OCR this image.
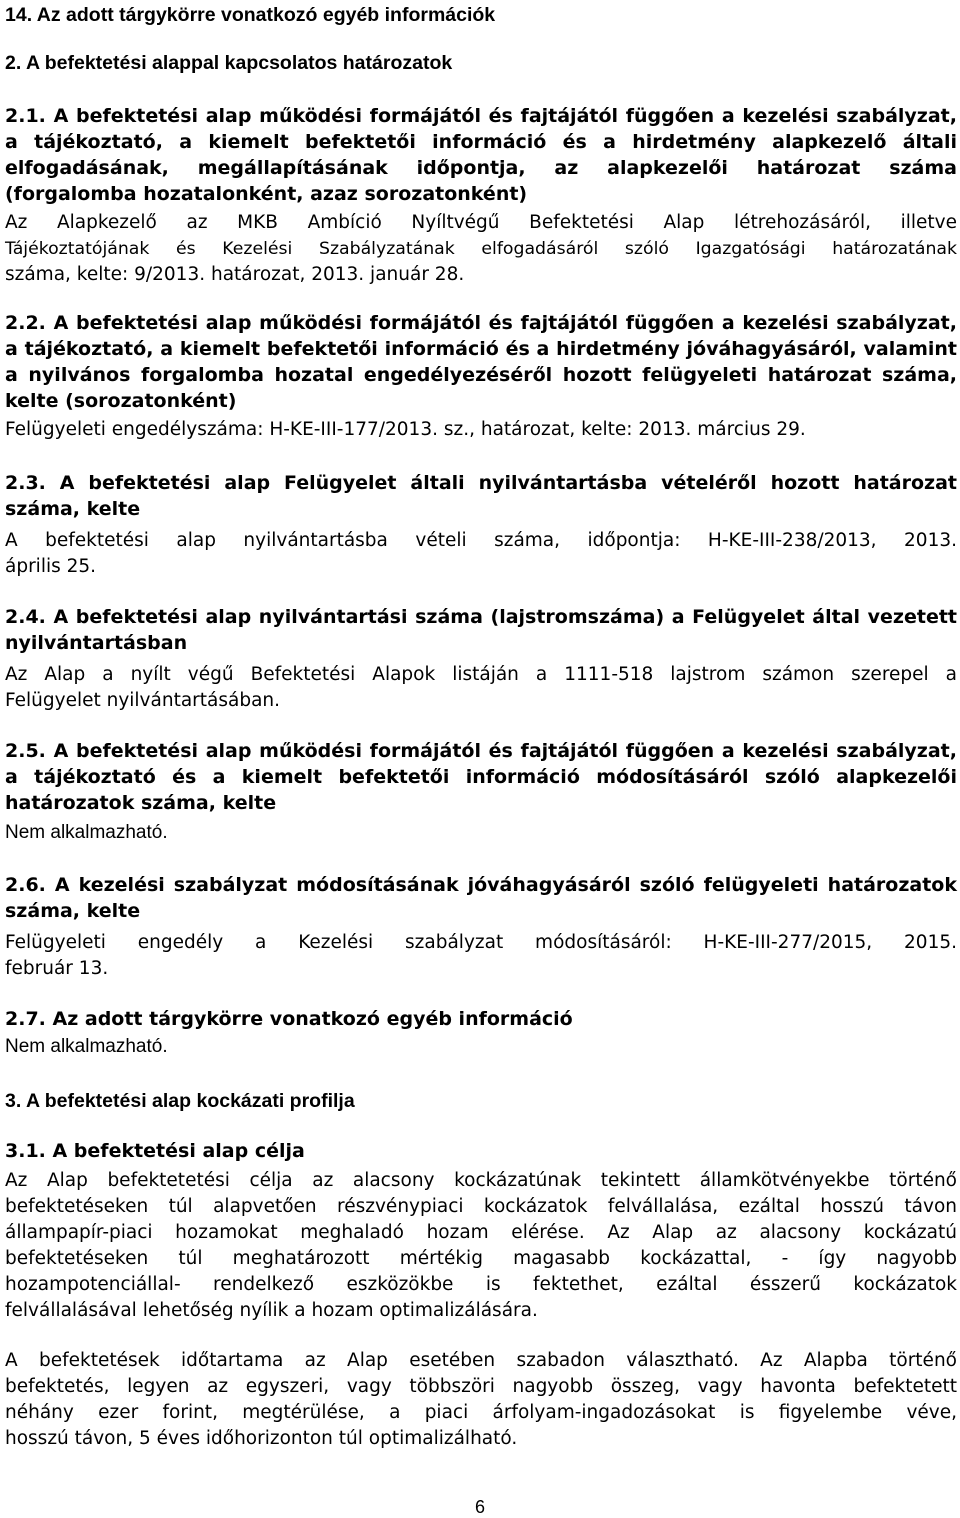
14. Az adott tárgykörre vonatkozó egyéb információk

2. A befektetési alappal kapcsolatos határozatok

2.1. A befektetési alap működési formájától és fajtájától függően a kezelési szabályzat,
a tájékoztató, a kiemelt befektetői információ és a hirdetmény alapkezelő általi
elfogadásának, megállapításának időpontja, az alapkezelői határozat száma
(forgalomba hozatalonként, azaz sorozatonként)
Az Alapkezelő az MKB Ambíció Nyíltvégű Befektetési Alap létrehozásáról, illetve
Tájékoztatójának és Kezelési Szabályzatának elfogadásáról szóló Igazgatósági határozatának
száma, kelte: 9/2013. határozat, 2013. január 28.
2.2. A befektetési alap működési formájától és fajtájától függően a kezelési szabályzat,
a tájékoztató, a kiemelt befektetői információ és a hirdetmény jóváhagyásáról, valamint
a nyilvános forgalomba hozatal engedélyezéséről hozott felügyeleti határozat száma,
kelte (sorozatonként)
Felügyeleti engedélyszáma: H-KE-III-177/2013. sz., határozat, kelte: 2013. március 29.
2.3. A befektetési alap Felügyelet általi nyilvántartásba vételéről hozott határozat
száma, kelte
A befektetési alap nyilvántartásba vételi száma, időpontja: H-KE-III-238/2013, 2013.
április 25.
2.4. A befektetési alap nyilvántartási száma (lajstromszáma) a Felügyelet által vezetett
nyilvántartásban
Az Alap a nyílt végű Befektetési Alapok listáján a 1111-518 lajstrom számon szerepel a
Felügyelet nyilvántartásában.
2.5. A befektetési alap működési formájától és fajtájától függően a kezelési szabályzat,
a tájékoztató és a kiemelt befektetői információ módosításáról szóló alapkezelői
határozatok száma, kelte
Nem alkalmazható.
2.6. A kezelési szabályzat módosításának jóváhagyásáról szóló felügyeleti határozatok
száma, kelte
Felügyeleti engedély a Kezelési szabályzat módosításáról: H-KE-III-277/2015, 2015.
február 13.
2.7. Az adott tárgykörre vonatkozó egyéb információ
Nem alkalmazható.

3. A befektetési alap kockázati profilja

3.1. A befektetési alap célja
Az Alap befektetetési célja az alacsony kockázatúnak tekintett államkötvényekbe történő
befektetéseken túl alapvetően részvénypiaci kockázatok felvállalása, ezáltal hosszú távon
állampapír-piaci hozamokat meghaladó hozam elérése. Az Alap az alacsony kockázatú
befektetéseken túl meghatározott mértékig magasabb kockázattal, - így nagyobb
hozampotenciállal- rendelkező eszközökbe is fektethet, ezáltal ésszerű kockázatok
felvállalásával lehetőség nyílik a hozam optimalizálására.
A befektetések időtartama az Alap esetében szabadon választható. Az Alapba történő
befektetés, legyen az egyszeri, vagy többszöri nagyobb összeg, vagy havonta befektetett
néhány ezer forint, megtérülése, a piaci árfolyam-ingadozásokat is figyelembe véve,
hosszú távon, 5 éves időhorizonton túl optimalizálható.
6
